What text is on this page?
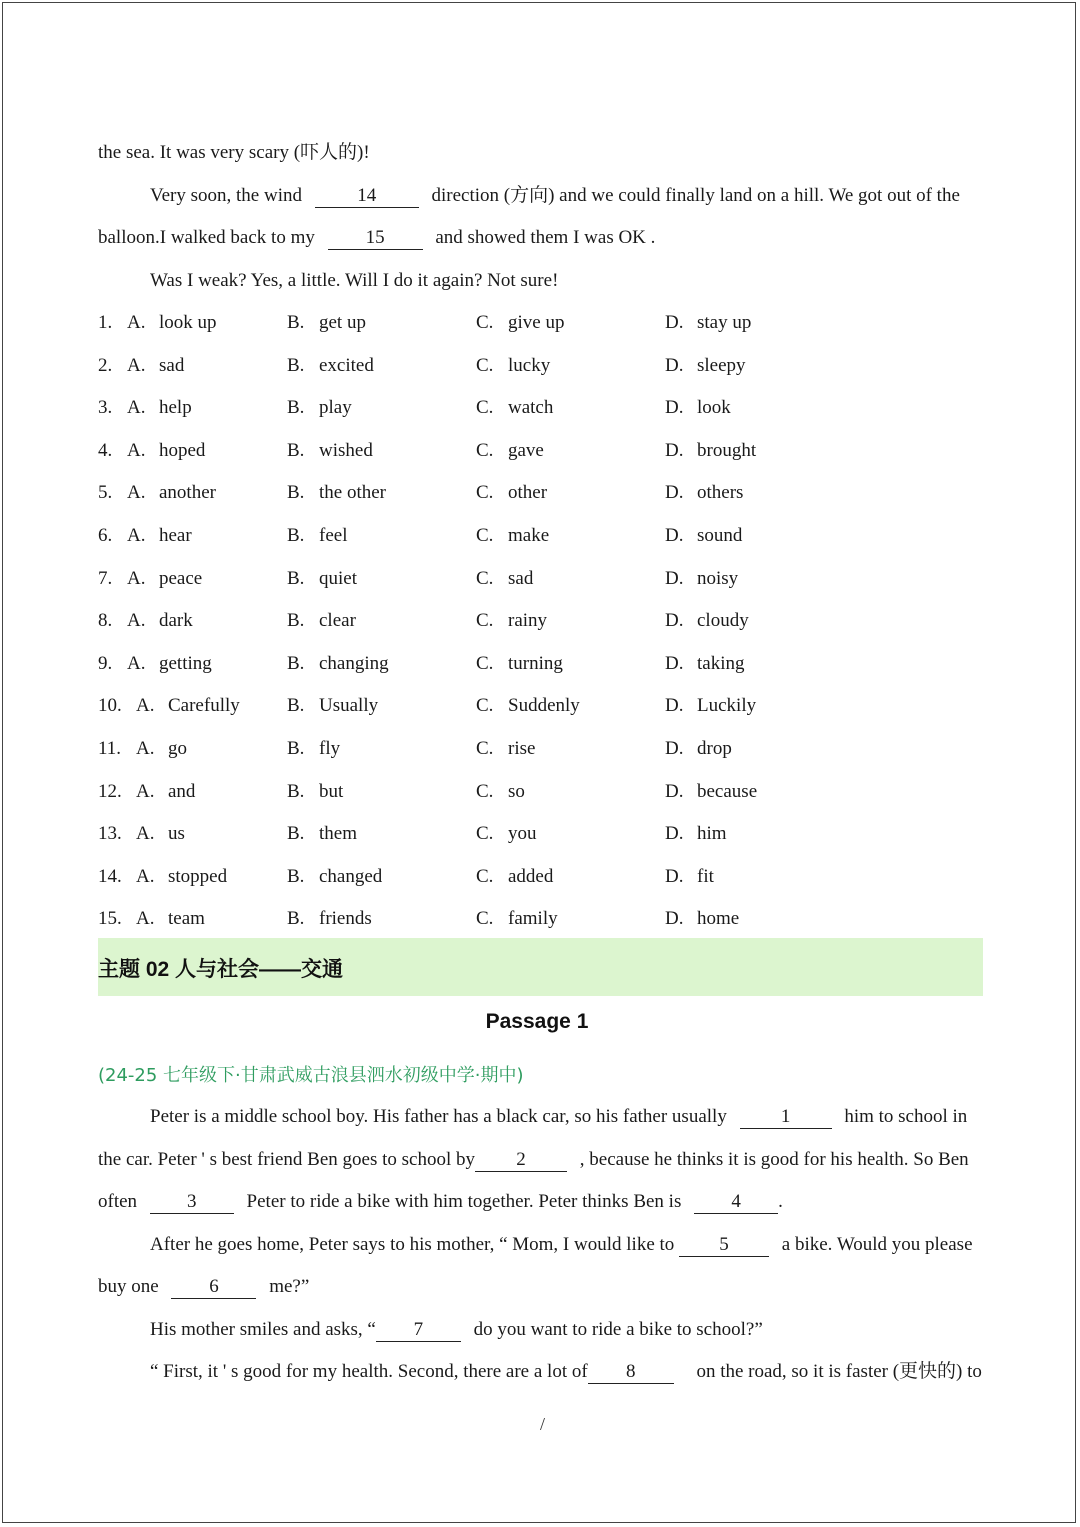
the sea. It was very scary (吓人的)!
Very soon, the wind	14	direction (方向) and we could finally land on a hill. We got out of the
balloon.I walked back to my	15	and showed them I was OK .
Was I weak? Yes, a little. Will I do it again? Not sure!
1. A. look up	B. get up	C. give up	D. stay up
2. A. sad	B. excited	C. lucky	D. sleepy
3. A. help	B. play	C. watch	D. look
4. A. hoped	B. wished	C. gave	D. brought
5. A. another	B. the other	C. other	D. others
6. A. hear	B. feel	C. make	D. sound
7. A. peace	B. quiet	C. sad	D. noisy
8. A. dark	B. clear	C. rainy	D. cloudy
9. A. getting	B. changing	C. turning	D. taking
10. A. Carefully B. Usually	C. Suddenly	D. Luckily
11. A. go	B. fly	C. rise	D. drop
12. A. and	B. but	C. so	D. because
13. A. us	B. them	C. you	D. him
14. A. stopped	B. changed	C. added	D. fit
15. A. team	B. friends	C. family	D. home
主题 02 人与社会——交通
Passage 1
(24-25 七年级下·甘肃武威古浪县泗水初级中学·期中)
Peter is a middle school boy. His father has a black car, so his father usually	1	him to school in
the car. Peter ' s best friend Ben goes to school by 2	, because he thinks it is good for his health. So Ben
often	3	Peter to ride a bike with him together. Peter thinks Ben is	4 .
After he goes home, Peter says to his mother, “ Mom, I would like to 5	a bike. Would you please
buy one	6	me?”
His mother smiles and asks, “ 7	do you want to ride a bike to school?”
“ First, it ' s good for my health. Second, there are a lot of 8	on the road, so it is faster (更快的) to
/
